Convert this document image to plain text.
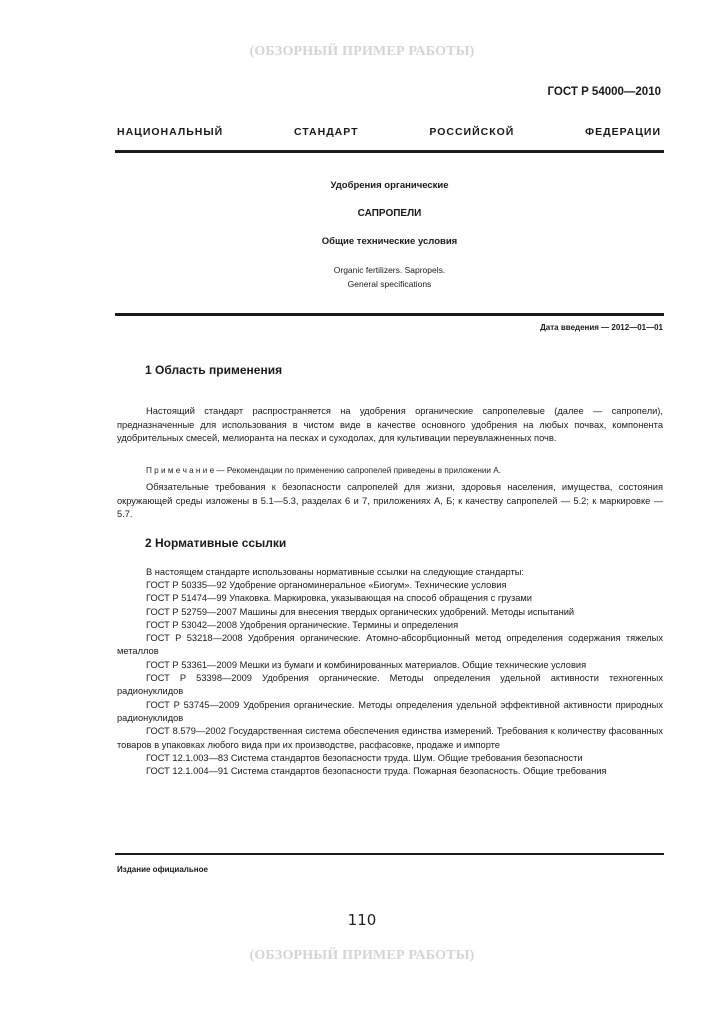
(ОБЗОРНЫЙ ПРИМЕР РАБОТЫ)
ГОСТ Р 54000—2010
НАЦИОНАЛЬНЫЙ СТАНДАРТ РОССИЙСКОЙ ФЕДЕРАЦИИ
Удобрения органические
САПРОПЕЛИ
Общие технические условия
Organic fertilizers. Sapropels.
General specifications
Дата введения — 2012—01—01
1 Область применения
Настоящий стандарт распространяется на удобрения органические сапропелевые (далее — сапропели), предназначенные для использования в чистом виде в качестве основного удобрения на любых почвах, компонента удобрительных смесей, мелиоранта на песках и суходолах, для культивации переувлажненных почв.
П р и м е ч а н и е — Рекомендации по применению сапропелей приведены в приложении А.
Обязательные требования к безопасности сапропелей для жизни, здоровья населения, имущества, состояния окружающей среды изложены в 5.1—5.3, разделах 6 и 7, приложениях А, Б; к качеству сапропелей — 5.2; к маркировке — 5.7.
2 Нормативные ссылки
В настоящем стандарте использованы нормативные ссылки на следующие стандарты:
ГОСТ Р 50335—92 Удобрение органоминеральное «Биогум». Технические условия
ГОСТ Р 51474—99 Упаковка. Маркировка, указывающая на способ обращения с грузами
ГОСТ Р 52759—2007 Машины для внесения твердых органических удобрений. Методы испытаний
ГОСТ Р 53042—2008 Удобрения органические. Термины и определения
ГОСТ Р 53218—2008 Удобрения органические. Атомно-абсорбционный метод определения содержания тяжелых металлов
ГОСТ Р 53361—2009 Мешки из бумаги и комбинированных материалов. Общие технические условия
ГОСТ Р 53398—2009 Удобрения органические. Методы определения удельной активности техногенных радионуклидов
ГОСТ Р 53745—2009 Удобрения органические. Методы определения удельной эффективной активности природных радионуклидов
ГОСТ 8.579—2002 Государственная система обеспечения единства измерений. Требования к количеству фасованных товаров в упаковках любого вида при их производстве, расфасовке, продаже и импорте
ГОСТ 12.1.003—83 Система стандартов безопасности труда. Шум. Общие требования безопасности
ГОСТ 12.1.004—91 Система стандартов безопасности труда. Пожарная безопасность. Общие требования
Издание официальное
110
(ОБЗОРНЫЙ ПРИМЕР РАБОТЫ)
